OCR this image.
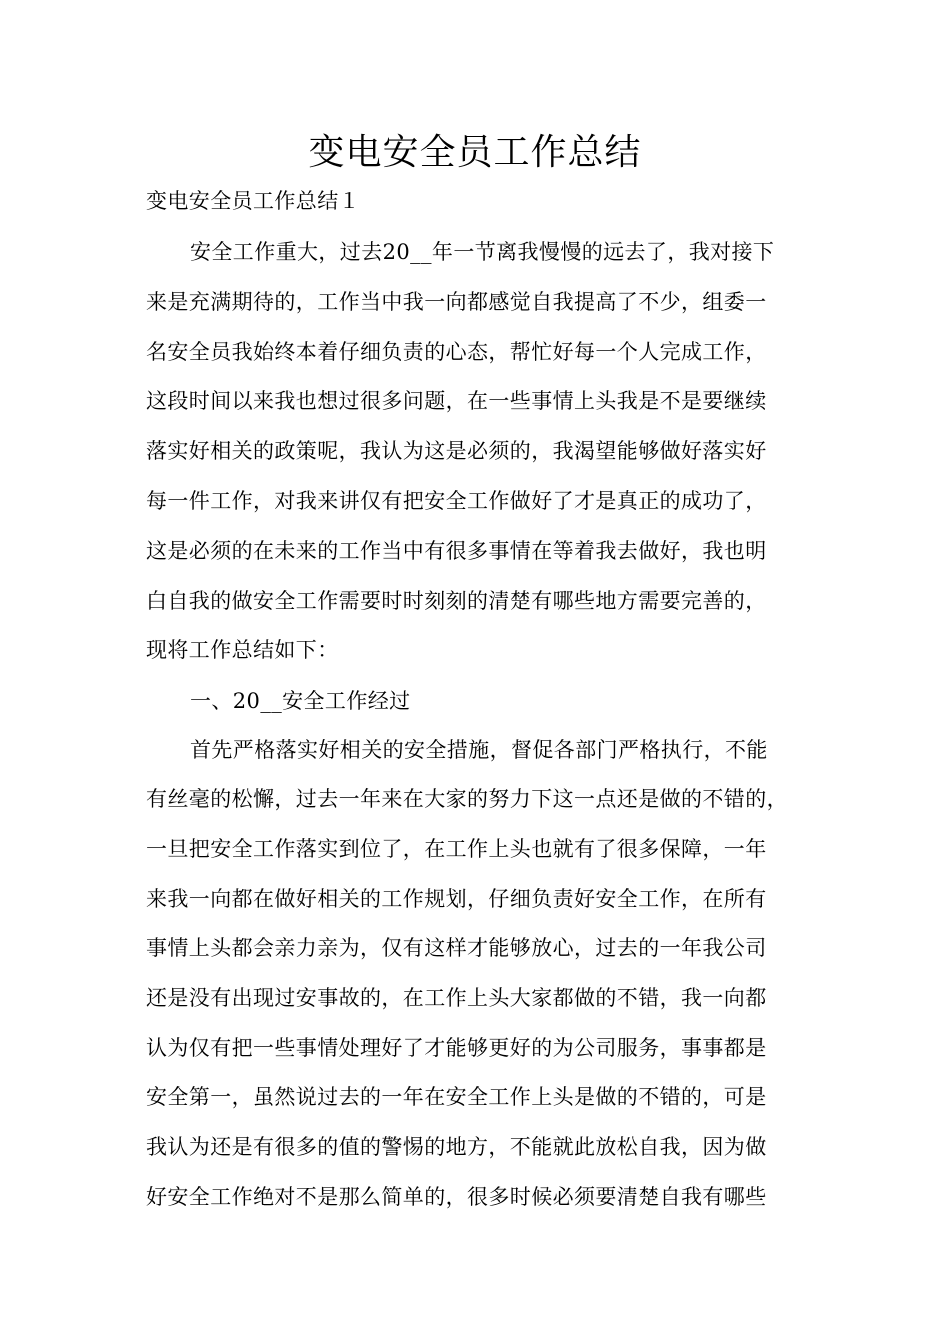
变电安全员工作总结
变电安全员工作总结１
安全工作重大，过去20__年一节离我慢慢的远去了，我对接下
来是充满期待的，工作当中我一向都感觉自我提高了不少，组委一
名安全员我始终本着仔细负责的心态，帮忙好每一个人完成工作，
这段时间以来我也想过很多问题，在一些事情上头我是不是要继续
落实好相关的政策呢，我认为这是必须的，我渴望能够做好落实好
每一件工作，对我来讲仅有把安全工作做好了才是真正的成功了，
这是必须的在未来的工作当中有很多事情在等着我去做好，我也明
白自我的做安全工作需要时时刻刻的清楚有哪些地方需要完善的，
现将工作总结如下：
一、20__安全工作经过
首先严格落实好相关的安全措施，督促各部门严格执行，不能
有丝毫的松懈，过去一年来在大家的努力下这一点还是做的不错的，
一旦把安全工作落实到位了，在工作上头也就有了很多保障，一年
来我一向都在做好相关的工作规划，仔细负责好安全工作，在所有
事情上头都会亲力亲为，仅有这样才能够放心，过去的一年我公司
还是没有出现过安事故的，在工作上头大家都做的不错，我一向都
认为仅有把一些事情处理好了才能够更好的为公司服务，事事都是
安全第一，虽然说过去的一年在安全工作上头是做的不错的，可是
我认为还是有很多的值的警惕的地方，不能就此放松自我，因为做
好安全工作绝对不是那么简单的，很多时候必须要清楚自我有哪些
